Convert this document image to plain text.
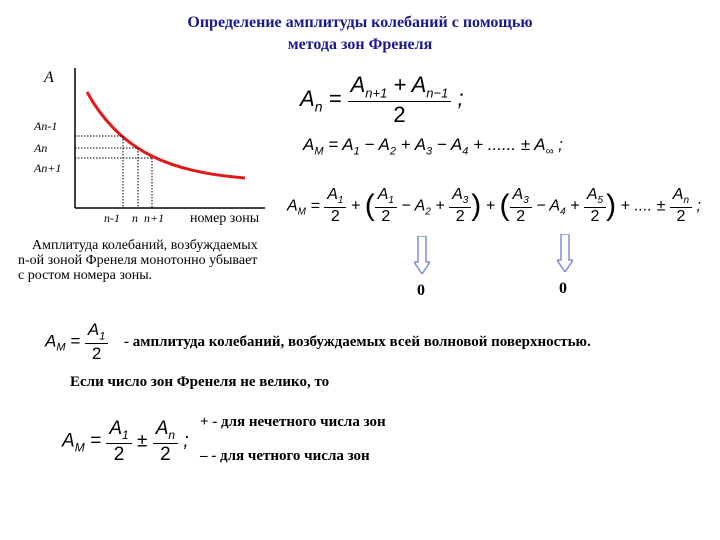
Определение амплитуды колебаний с помощью
метода зон Френеля
A
номер зоны
An-1
An
An+1
n-1 n n+1
$A_n = \frac{A_{n+1} + A_{n-1}}{2}$ ;
$A_M = A_1 - A_2 + A_3 - A_4$ + ...... ± $A_\infty$ ;
$A_M = \frac{A_1}{2}$ + ( $\frac{A_1}{2} - A_2 + \frac{A_3}{2}$ ) + ( $\frac{A_3}{2} - A_4 + \frac{A_5}{2}$ ) + .... ± $\frac{A_n}{2}$ ;
Амплитуда колебаний, возбуждаемых
n-ой зоной Френеля монотонно убывает
с ростом номера зоны.
0	0
$A_M = \frac{A_1}{2}$ - амплитуда колебаний, возбуждаемых всей волновой поверхностью.
Если число зон Френеля не велико, то
$A_M = \frac{A_1}{2} \pm \frac{A_n}{2}$ ;
+ - для нечетного числа зон
– - для четного числа зон
